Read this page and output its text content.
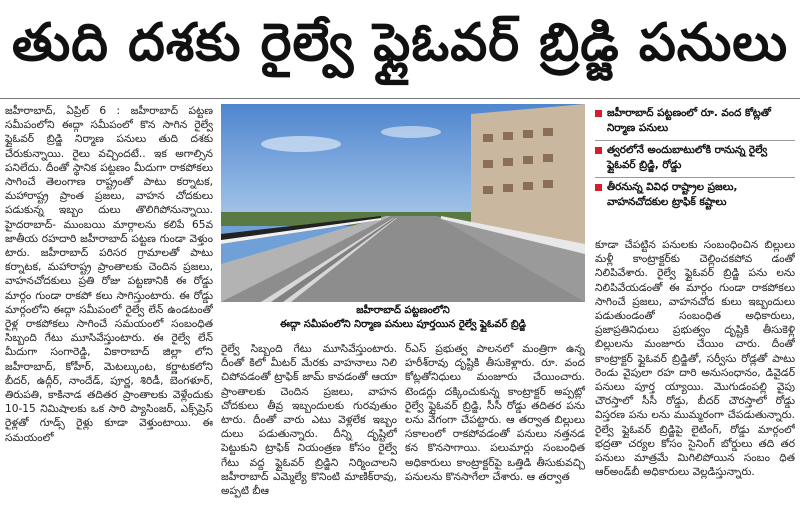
తుది దశకు రైల్వే ఫ్లైఓవర్ బ్రిడ్జి పనులు

జహీరాబాద్, ఏప్రిల్ 6 : జహీరాబాద్ పట్టణ సమీపంలోని ఈద్గా సమీపంలో కొన సాగిన రైల్వే ఫ్లైఓవర్ బ్రిడ్జి నిర్మాణ పనులు తుది దశకు చేరుకున్నాయి. రైలు వచ్చిందటే.. ఇక అగాల్సిన పనిలేదు. దీంతో స్థానిక పట్టణం మీదుగా రాకపోకలు సాగించే తెలంగాణ రాష్ట్రంతో పాటు కర్నాటక, మహారాష్ట్ర ప్రాంత ప్రజలు, వాహన చోదకులు పడుకున్న ఇబ్బం దులు తొలిగిపోనున్నాయి. హైదరాబాద్- ముంబయి మార్గాలను కలిపే 65వ జాతీయ రహదారి జహీరాబాద్ పట్టణ గుండా వెళ్తుం టారు. జహీరాబాద్ పరిసర గ్రామాలతో పాటు కర్నాటక, మహారాష్ట్ర ప్రాంతాలకు చెందిన ప్రజలు, వాహనచోదకులు ప్రతి రోజు పట్టణానికి ఈ రోడ్డు మార్గం గుండా రాకపో కలు సాగిస్తుంటారు. ఈ రోడ్డు మార్గంలోని ఈద్గా సమీపంలో రైల్వే లేన్ ఉండటంతో రైళ్ల రాకపోకలు సాగించే సమయంలో సంబంధిత సిబ్బంది గేటు మూసివేస్తుంటారు. ఈ రైల్వే లేన్ మీదుగా సంగారెడ్డి, వికారాబాద్ జిల్లా లోని జహీరాబాద్, కోహీర్, మెటల్కుంట, కర్ణాటకలోని బీదర్, ఉద్గీర్, నాందేడ్, పూర్ణ, శిరిడీ, బెంగళూర్, తిరుపతి, కాకినాడ తదితర ప్రాంతాలకు వెళ్లేందుకు 10-15 నిమిషాలకు ఒక సారి ప్యాసింజర్, ఎక్స్‌ప్రెస్ రైళ్లతో గూడ్స్ రైళ్లు కూడా వెళ్తుంటాయి. ఈ సమయంలో

జహీరాబాద్ పట్టణంలోని
ఈద్గా సమీపంలోని నిర్మాణ పనులు పూర్తయిన రైల్వే ఫ్లైఓవర్ బ్రిడ్జి

రైల్వే సిబ్బంది గేటు మూసివేస్తుంటారు. దీంతో కిలో మీటర్ మేరకు వాహనాలు నిలి చిపోవడంతో ట్రాఫిక్ జామ్ కావడంతో ఆయా ప్రాంతాలకు చెందిన ప్రజలు, వాహన చోదకులు తీవ్ర ఇబ్బందులకు గురవుతుం టారు. దీంతో వారు ఎటు వెళ్లలేక ఇబ్బం దులు పడుతున్నారు. దీన్ని దృష్టిలో పెట్టుకుని ట్రాఫిక్ నియంత్రణ కోసం రైల్వే గేటు వద్ద ఫ్లైఓవర్ బ్రిడ్జిని నిర్మించాలని జహీరాబాద్ ఎమ్మెల్యే కొనింటి మాణిక్‌రావు, అప్పటి బీఆ

ర్ఎస్ ప్రభుత్వ పాలనలో మంత్రిగా ఉన్న హరీశ్‌రావు దృష్టికి తీసుకెళ్లారు. రూ. వంద కోట్లతోనిధులు మంజూరు చేయించారు. టెండర్లు దక్కించుకున్న కాంట్రాక్టర్ అప్పట్లో రైల్వే ఫ్లైఓవర్ బ్రిడ్జి, సీసీ రోడ్డు తదితర పను లను వేగంగా చేపట్టారు. ఆ తర్వాత బిల్లులు సకాలంలో రాకపోవడంతో పనులు నత్తనడ కన కొనసాగాయి. పలుమార్లు సంబంధిత అధికారులు కాంట్రాక్టర్‌పై ఒత్తిడి తీసుకువచ్చి పనులను కొనసాగేలా చేశారు. ఆ తర్వాత

జహీరాబాద్ పట్టణంలో రూ. వంద కోట్లతో నిర్మాణ పనులు
త్వరలోనే అందుబాటులోకి రానున్న రైల్వే ఫ్లైఓవర్ బ్రిడ్జి, రోడ్డు
తీరనున్న వివిధ రాష్ట్రాల ప్రజలు, వాహనచోదకుల ట్రాఫిక్ కష్టాలు

కూడా చేపట్టిన పనులకు సంబంధించిన బిల్లులు మళ్లీ కాంట్రాక్టర్‌కు చెల్లించకపోవ డంతో నిలిపివేశారు. రైల్వే ఫ్లైఓవర్ బ్రిడ్జి పను లను నిలిపివేయడంతో ఈ మార్గం గుండా రాకపోకలు సాగించే ప్రజలు, వాహనచోద కులు ఇబ్బందులు పడుతుండంతో సంబంధిత అధికారులు, ప్రజాప్రతినిధులు ప్రభుత్వం దృష్టికి తీసుకెళ్లి బిల్లులను మంజూరు చేయిం చారు. దీంతో కాంట్రాక్టర్ ఫ్లైఓవర్ బ్రిడ్జితో, సర్వీసు రోడ్లతో పాటు రెండు వైపులా రహ దారి అనుసంధానం, డివైడర్ పనులు పూర్త య్యాయి. మొగుడంపల్లి వైపు చౌరస్తాలో సీసీ రోడ్డు, బీదర్ చౌరస్తాలో రోడ్డు విస్తరణ పను లను ముమ్మరంగా చేపడుతున్నారు. రైల్వే ఫ్లైఓవర్ బ్రిడ్జిపై లైటింగ్, రోడ్డు మార్గంలో భద్రతా చర్యల కోసం సైనింగ్ బోర్డులు తది తర పనులు మాత్రమే మిగిలిపోయిన సంబం ధిత ఆర్‌అండ్‌బీ అధికారులు వెల్లడిస్తున్నారు.
